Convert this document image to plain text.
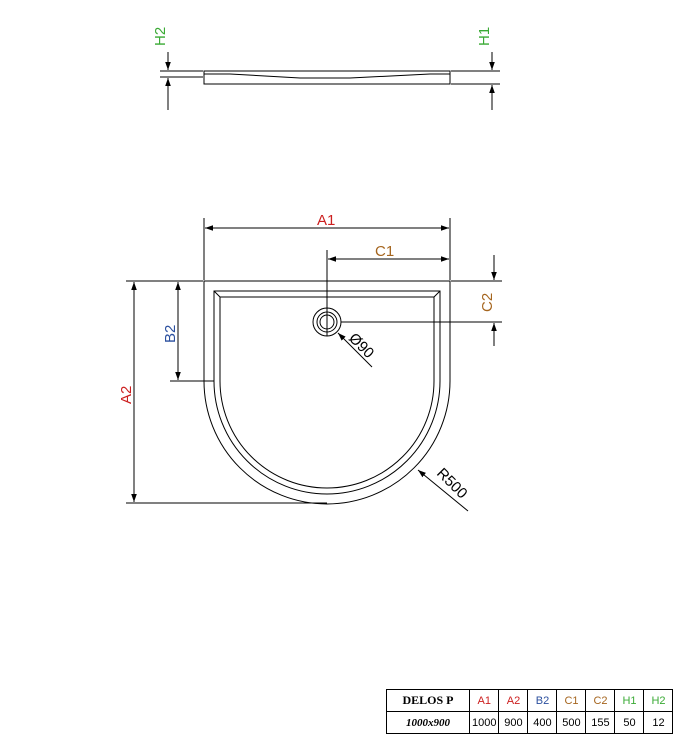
H2	H1
A1
C1
C2
A2
B2	Ø90
R500
DELOS P	A1	A2	B2	C1	C2	H1	H2
1000x900	1000	900	400	500	155	50	12
